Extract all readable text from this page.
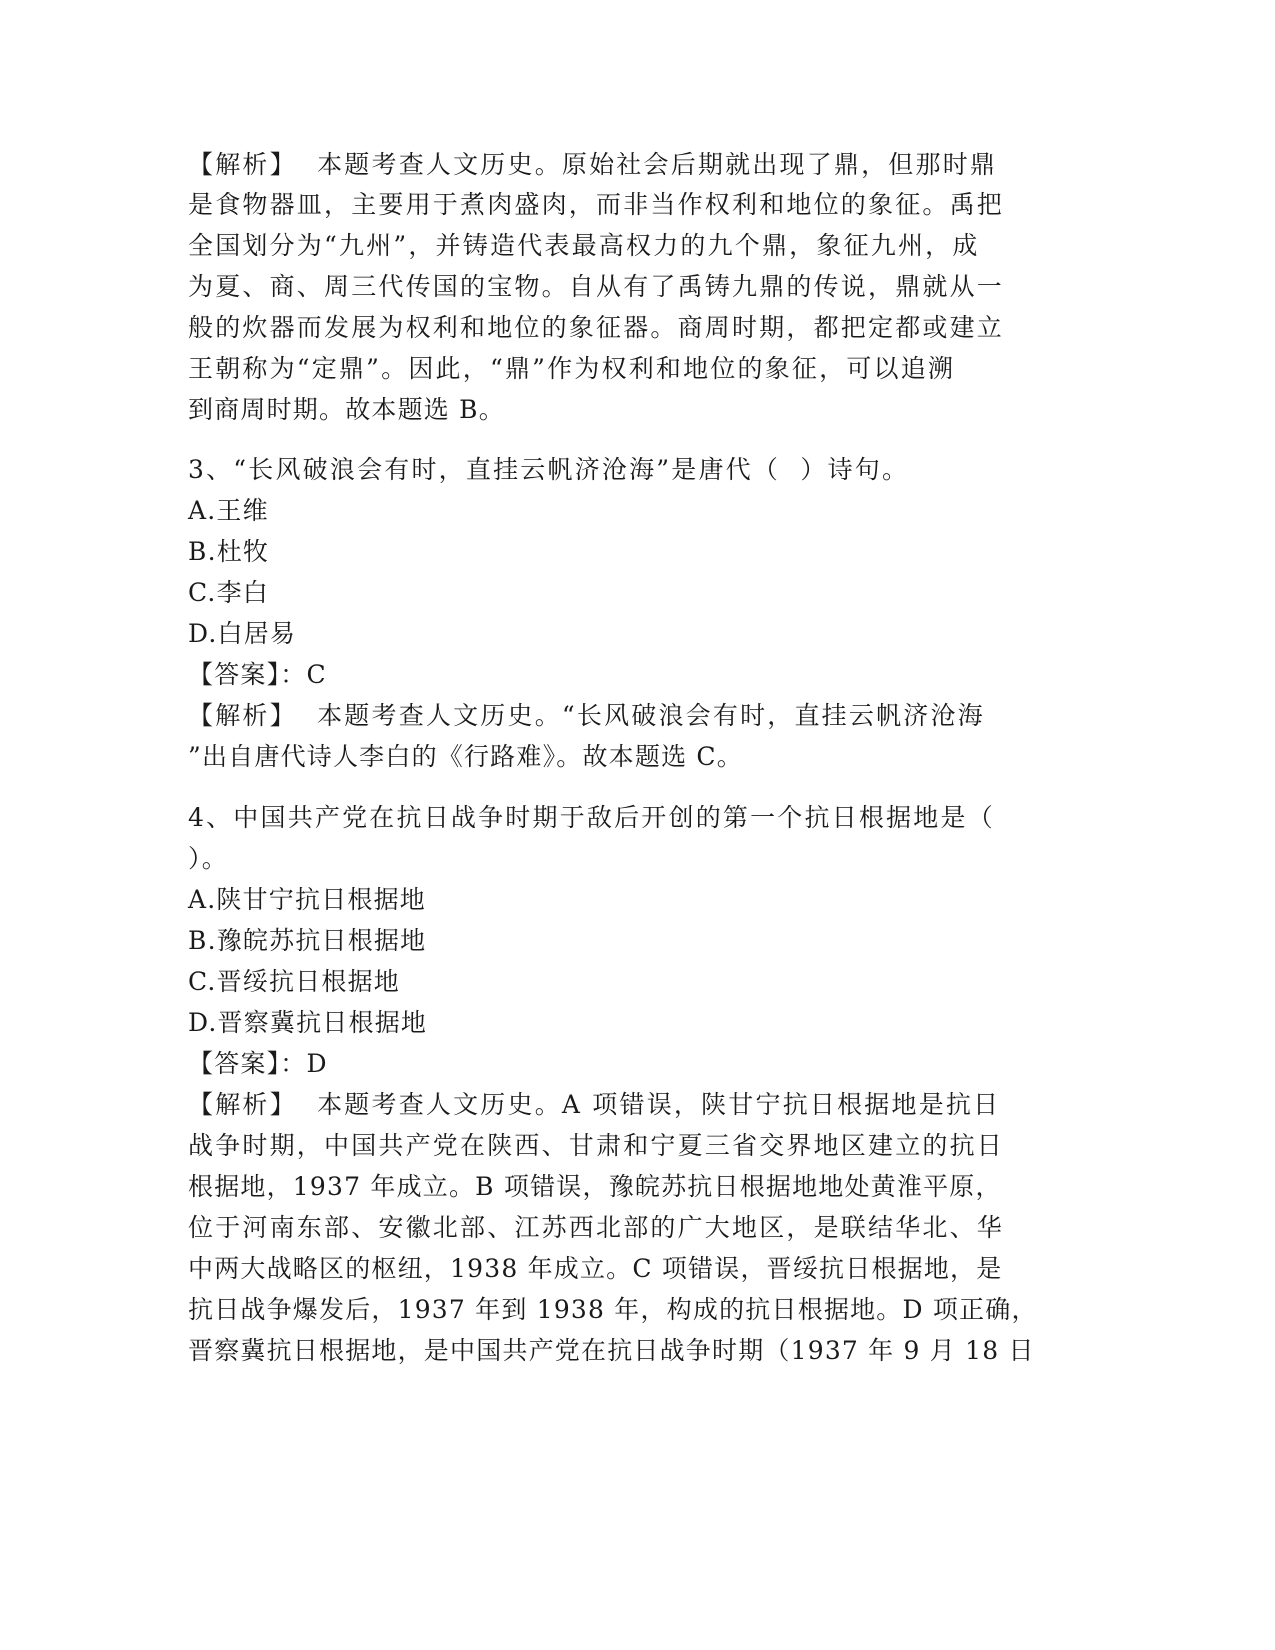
【解析】  本题考查人文历史。原始社会后期就出现了鼎，但那时鼎
是食物器皿，主要用于煮肉盛肉，而非当作权利和地位的象征。禹把
全国划分为“九州”，并铸造代表最高权力的九个鼎，象征九州，成
为夏、商、周三代传国的宝物。自从有了禹铸九鼎的传说，鼎就从一
般的炊器而发展为权利和地位的象征器。商周时期，都把定都或建立
王朝称为“定鼎”。因此，“鼎”作为权利和地位的象征，可以追溯
到商周时期。故本题选 B。
3、“长风破浪会有时，直挂云帆济沧海”是唐代（  ）诗句。
A.王维
B.杜牧
C.李白
D.白居易
【答案】：C
【解析】  本题考查人文历史。“长风破浪会有时，直挂云帆济沧海
”出自唐代诗人李白的《行路难》。故本题选 C。
4、中国共产党在抗日战争时期于敌后开创的第一个抗日根据地是（
）。
A.陕甘宁抗日根据地
B.豫皖苏抗日根据地
C.晋绥抗日根据地
D.晋察冀抗日根据地
【答案】：D
【解析】  本题考查人文历史。A 项错误，陕甘宁抗日根据地是抗日
战争时期，中国共产党在陕西、甘肃和宁夏三省交界地区建立的抗日
根据地，1937 年成立。B 项错误，豫皖苏抗日根据地地处黄淮平原，
位于河南东部、安徽北部、江苏西北部的广大地区，是联结华北、华
中两大战略区的枢纽，1938 年成立。C 项错误，晋绥抗日根据地，是
抗日战争爆发后，1937 年到 1938 年，构成的抗日根据地。D 项正确，
晋察冀抗日根据地，是中国共产党在抗日战争时期（1937 年 9 月 18 日
